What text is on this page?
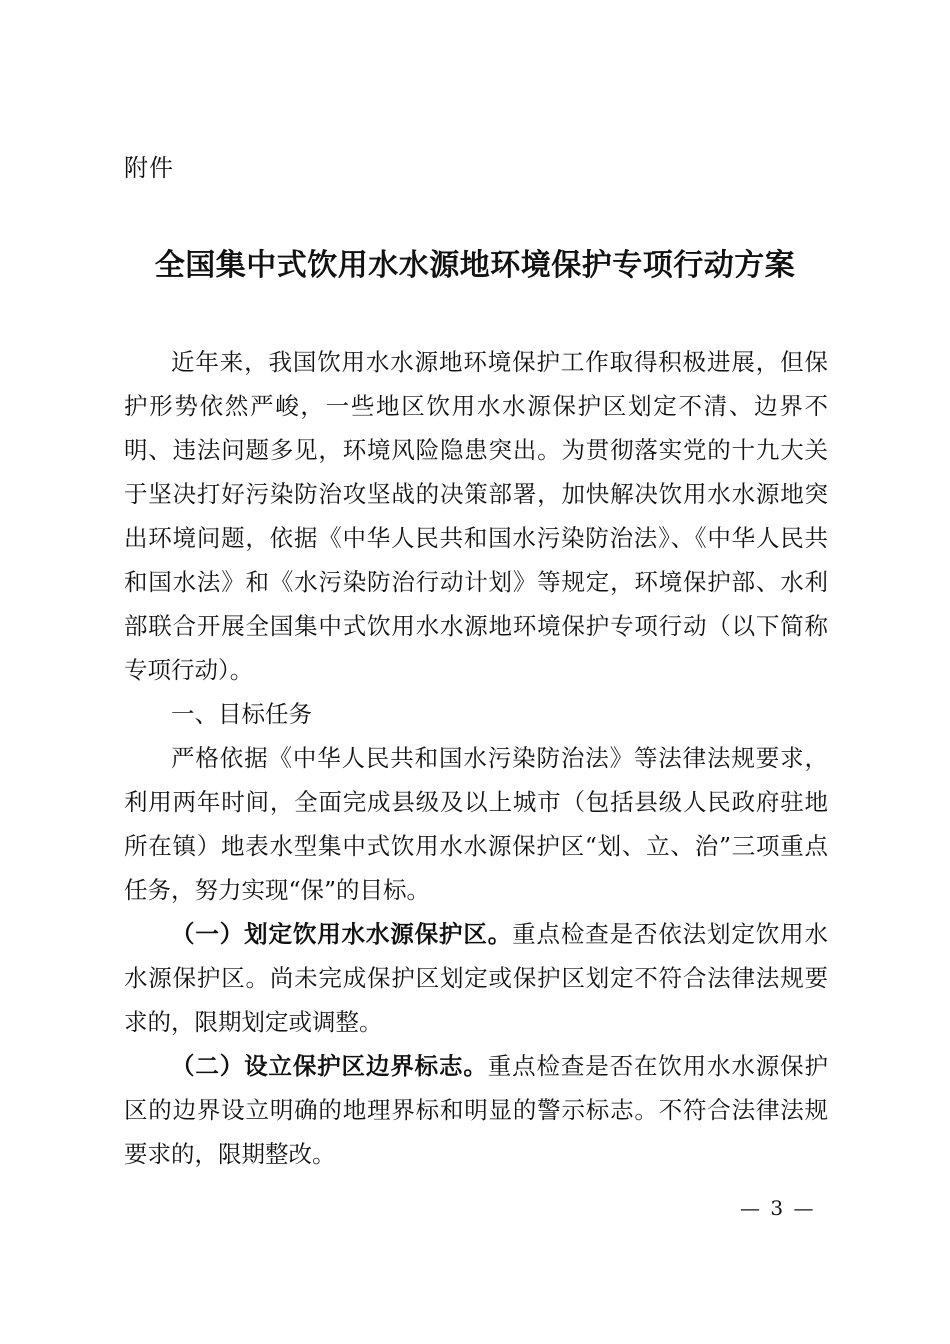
附件
全国集中式饮用水水源地环境保护专项行动方案

近年来，我国饮用水水源地环境保护工作取得积极进展，但保护形势依然严峻，一些地区饮用水水源保护区划定不清、边界不明、违法问题多见，环境风险隐患突出。为贯彻落实党的十九大关于坚决打好污染防治攻坚战的决策部署，加快解决饮用水水源地突出环境问题，依据《中华人民共和国水污染防治法》、《中华人民共和国水法》和《水污染防治行动计划》等规定，环境保护部、水利部联合开展全国集中式饮用水水源地环境保护专项行动（以下简称专项行动）。

一、目标任务

严格依据《中华人民共和国水污染防治法》等法律法规要求，利用两年时间，全面完成县级及以上城市（包括县级人民政府驻地所在镇）地表水型集中式饮用水水源保护区“划、立、治”三项重点任务，努力实现“保”的目标。

（一）划定饮用水水源保护区。重点检查是否依法划定饮用水水源保护区。尚未完成保护区划定或保护区划定不符合法律法规要求的，限期划定或调整。

（二）设立保护区边界标志。重点检查是否在饮用水水源保护区的边界设立明确的地理界标和明显的警示标志。不符合法律法规要求的，限期整改。

— 3 —
